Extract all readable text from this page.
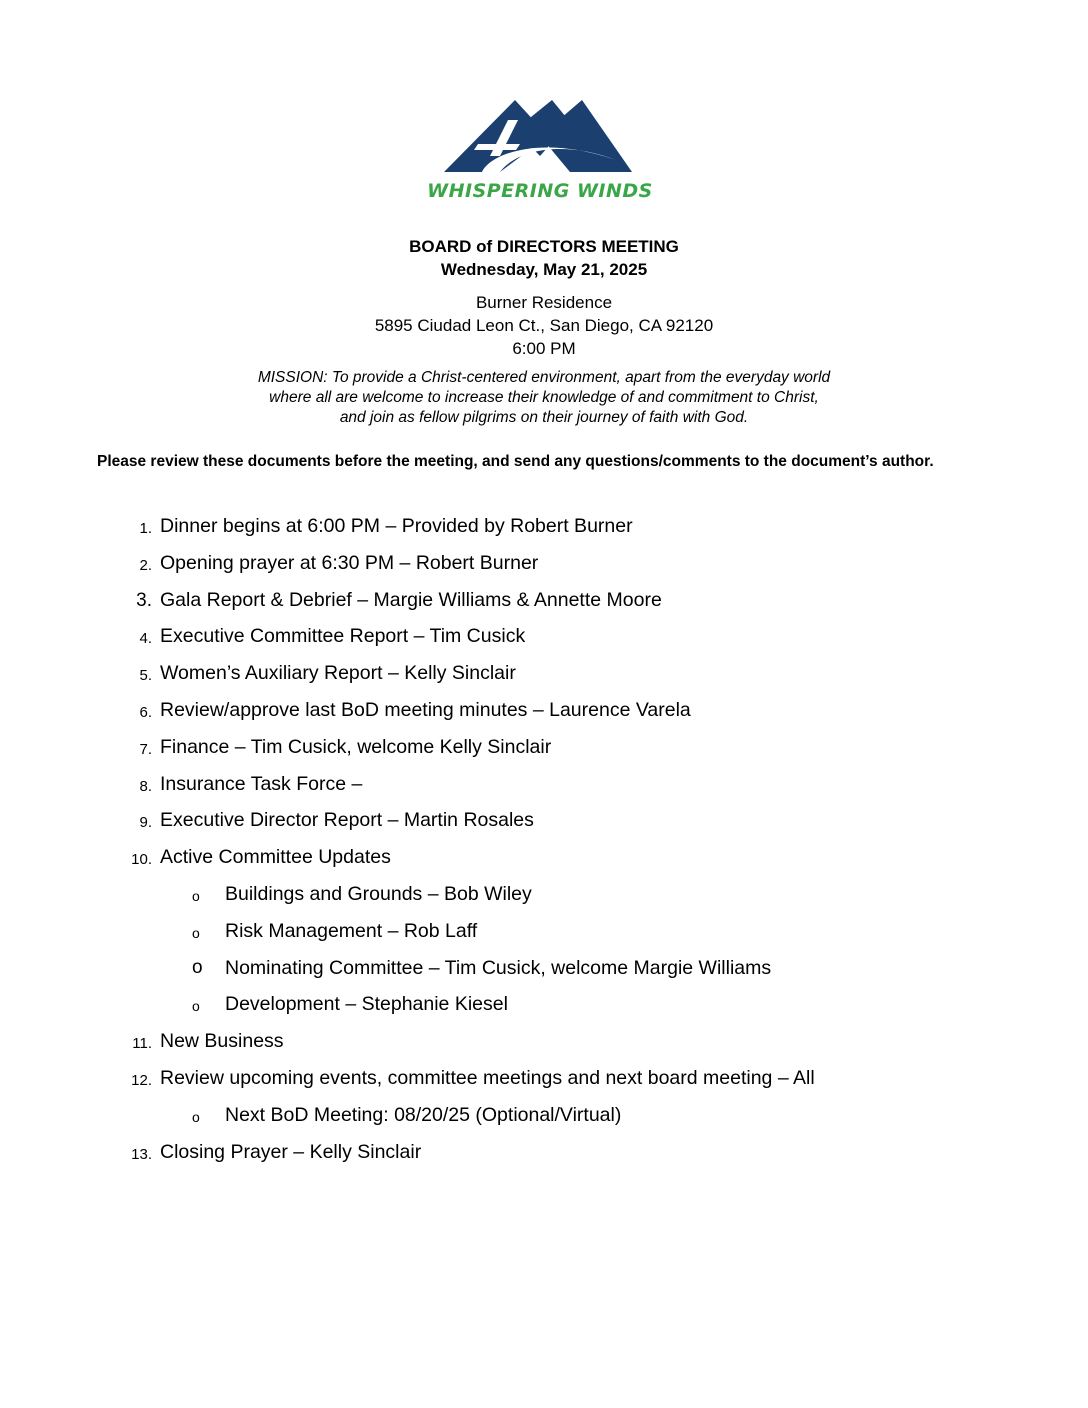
WHISPERING WINDS
BOARD of DIRECTORS MEETING
Wednesday, May 21, 2025
Burner Residence
5895 Ciudad Leon Ct., San Diego, CA 92120
6:00 PM
MISSION: To provide a Christ-centered environment, apart from the everyday world
where all are welcome to increase their knowledge of and commitment to Christ,
and join as fellow pilgrims on their journey of faith with God.
Please review these documents before the meeting, and send any questions/comments to the document’s author.
1. Dinner begins at 6:00 PM – Provided by Robert Burner
2. Opening prayer at 6:30 PM – Robert Burner
3. Gala Report & Debrief – Margie Williams & Annette Moore
4. Executive Committee Report – Tim Cusick
5. Women’s Auxiliary Report – Kelly Sinclair
6. Review/approve last BoD meeting minutes – Laurence Varela
7. Finance – Tim Cusick, welcome Kelly Sinclair
8. Insurance Task Force –
9. Executive Director Report – Martin Rosales
10. Active Committee Updates
o Buildings and Grounds – Bob Wiley
o Risk Management – Rob Laff
o Nominating Committee – Tim Cusick, welcome Margie Williams
o Development – Stephanie Kiesel
11. New Business
12. Review upcoming events, committee meetings and next board meeting – All
o Next BoD Meeting: 08/20/25 (Optional/Virtual)
13. Closing Prayer – Kelly Sinclair
